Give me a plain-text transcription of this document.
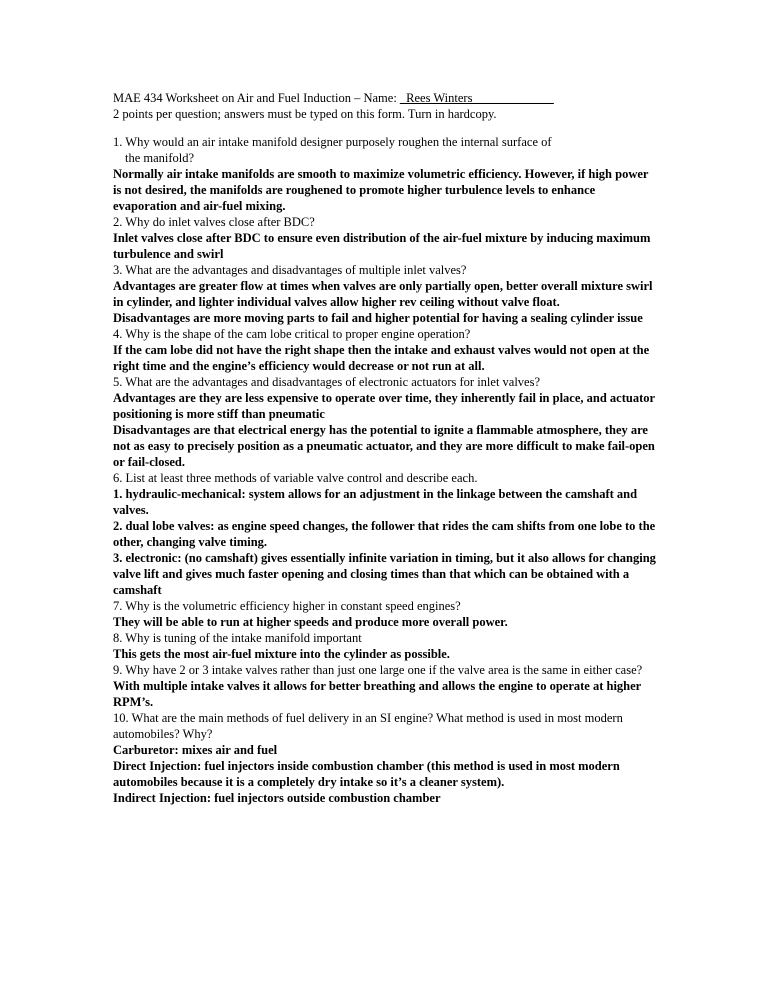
MAE 434 Worksheet on Air and Fuel Induction – Name: _Rees Winters_____________
2 points per question; answers must be typed on this form. Turn in hardcopy.
1. Why would an air intake manifold designer purposely roughen the internal surface of
the manifold?
Normally air intake manifolds are smooth to maximize volumetric efficiency. However, if high power is not desired, the manifolds are roughened to promote higher turbulence levels to enhance evaporation and air-fuel mixing.
2. Why do inlet valves close after BDC?
Inlet valves close after BDC to ensure even distribution of the air-fuel mixture by inducing maximum turbulence and swirl
3. What are the advantages and disadvantages of multiple inlet valves?
Advantages are greater flow at times when valves are only partially open, better overall mixture swirl in cylinder, and lighter individual valves allow higher rev ceiling without valve float.
Disadvantages are more moving parts to fail and higher potential for having a sealing cylinder issue
4. Why is the shape of the cam lobe critical to proper engine operation?
If the cam lobe did not have the right shape then the intake and exhaust valves would not open at the right time and the engine’s efficiency would decrease or not run at all.
5. What are the advantages and disadvantages of electronic actuators for inlet valves?
Advantages are they are less expensive to operate over time, they inherently fail in place, and actuator positioning is more stiff than pneumatic
Disadvantages are that electrical energy has the potential to ignite a flammable atmosphere, they are not as easy to precisely position as a pneumatic actuator, and they are more difficult to make fail-open or fail-closed.
6. List at least three methods of variable valve control and describe each.
1. hydraulic-mechanical: system allows for an adjustment in the linkage between the camshaft and valves.
2. dual lobe valves: as engine speed changes, the follower that rides the cam shifts from one lobe to the other, changing valve timing.
3. electronic: (no camshaft) gives essentially infinite variation in timing, but it also allows for changing valve lift and gives much faster opening and closing times than that which can be obtained with a camshaft
7. Why is the volumetric efficiency higher in constant speed engines?
They will be able to run at higher speeds and produce more overall power.
8. Why is tuning of the intake manifold important
This gets the most air-fuel mixture into the cylinder as possible.
9. Why have 2 or 3 intake valves rather than just one large one if the valve area is the same in either case?
With multiple intake valves it allows for better breathing and allows the engine to operate at higher RPM’s.
10. What are the main methods of fuel delivery in an SI engine? What method is used in most modern automobiles? Why?
Carburetor: mixes air and fuel
Direct Injection: fuel injectors inside combustion chamber (this method is used in most modern automobiles because it is a completely dry intake so it’s a cleaner system).
Indirect Injection: fuel injectors outside combustion chamber
